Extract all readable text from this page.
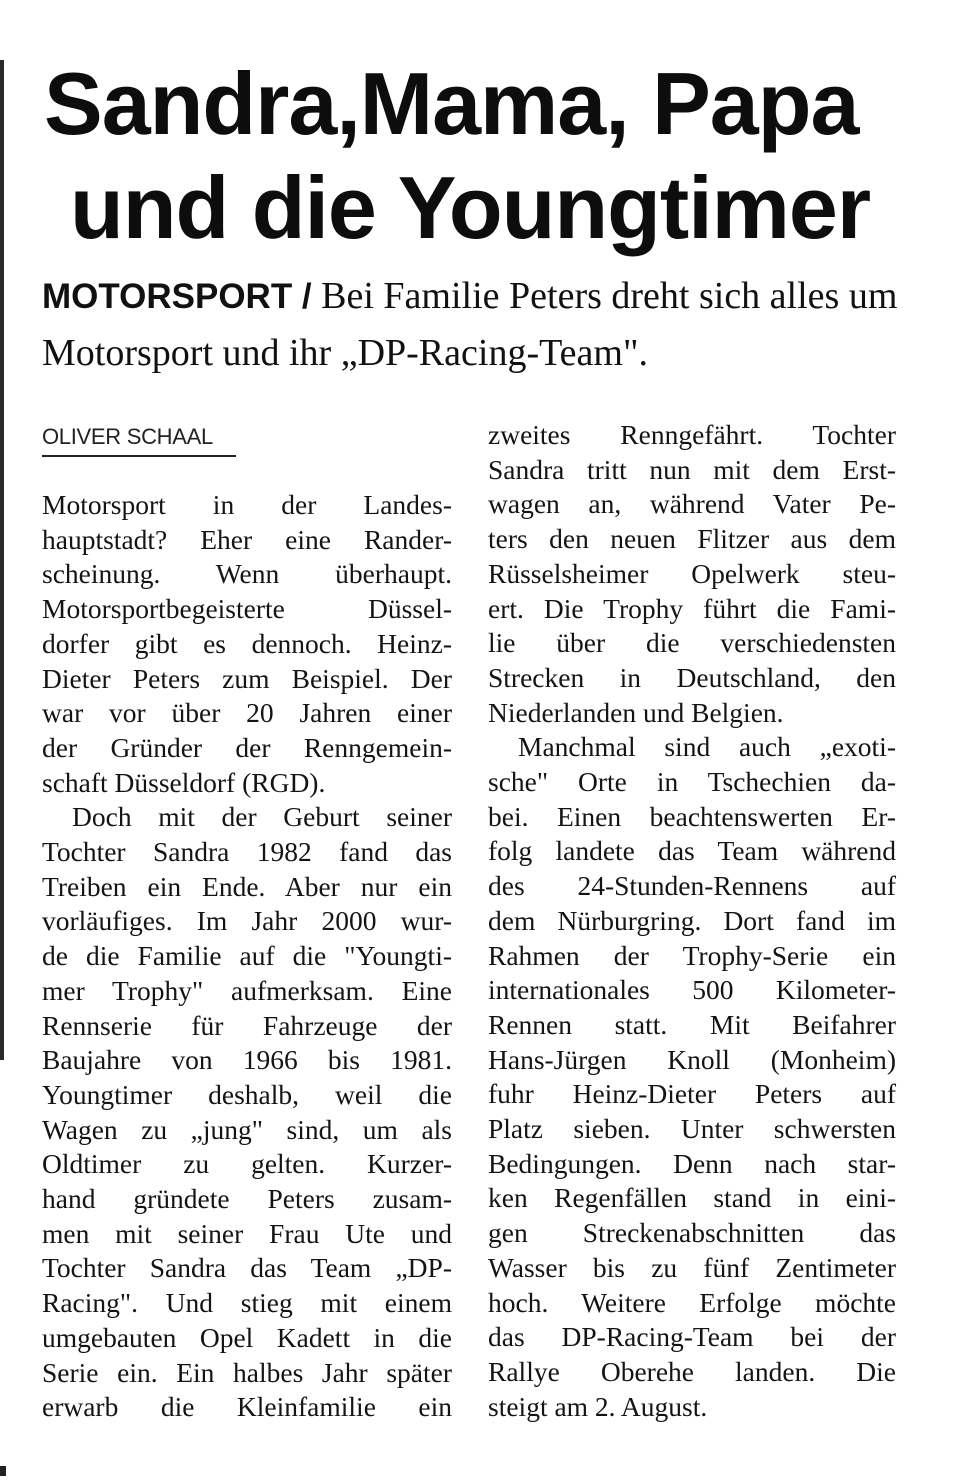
Sandra,Mama, Papa
und die Youngtimer

MOTORSPORT / Bei Familie Peters dreht sich alles um Motorsport und ihr „DP-Racing-Team".

OLIVER SCHAAL
Motorsport in der Landes-
hauptstadt? Eher eine Rander-
scheinung. Wenn überhaupt.
Motorsportbegeisterte Düssel-
dorfer gibt es dennoch. Heinz-
Dieter Peters zum Beispiel. Der
war vor über 20 Jahren einer
der Gründer der Renngemein-
schaft Düsseldorf (RGD).
Doch mit der Geburt seiner
Tochter Sandra 1982 fand das
Treiben ein Ende. Aber nur ein
vorläufiges. Im Jahr 2000 wur-
de die Familie auf die "Youngti-
mer Trophy" aufmerksam. Eine
Rennserie für Fahrzeuge der
Baujahre von 1966 bis 1981.
Youngtimer deshalb, weil die
Wagen zu „jung" sind, um als
Oldtimer zu gelten. Kurzer-
hand gründete Peters zusam-
men mit seiner Frau Ute und
Tochter Sandra das Team „DP-
Racing". Und stieg mit einem
umgebauten Opel Kadett in die
Serie ein. Ein halbes Jahr später
erwarb die Kleinfamilie ein
zweites Renngefährt. Tochter
Sandra tritt nun mit dem Erst-
wagen an, während Vater Pe-
ters den neuen Flitzer aus dem
Rüsselsheimer Opelwerk steu-
ert. Die Trophy führt die Fami-
lie über die verschiedensten
Strecken in Deutschland, den
Niederlanden und Belgien.
Manchmal sind auch „exoti-
sche" Orte in Tschechien da-
bei. Einen beachtenswerten Er-
folg landete das Team während
des 24-Stunden-Rennens auf
dem Nürburgring. Dort fand im
Rahmen der Trophy-Serie ein
internationales 500 Kilometer-
Rennen statt. Mit Beifahrer
Hans-Jürgen Knoll (Monheim)
fuhr Heinz-Dieter Peters auf
Platz sieben. Unter schwersten
Bedingungen. Denn nach star-
ken Regenfällen stand in eini-
gen Streckenabschnitten das
Wasser bis zu fünf Zentimeter
hoch. Weitere Erfolge möchte
das DP-Racing-Team bei der
Rallye Oberehe landen. Die
steigt am 2. August.
